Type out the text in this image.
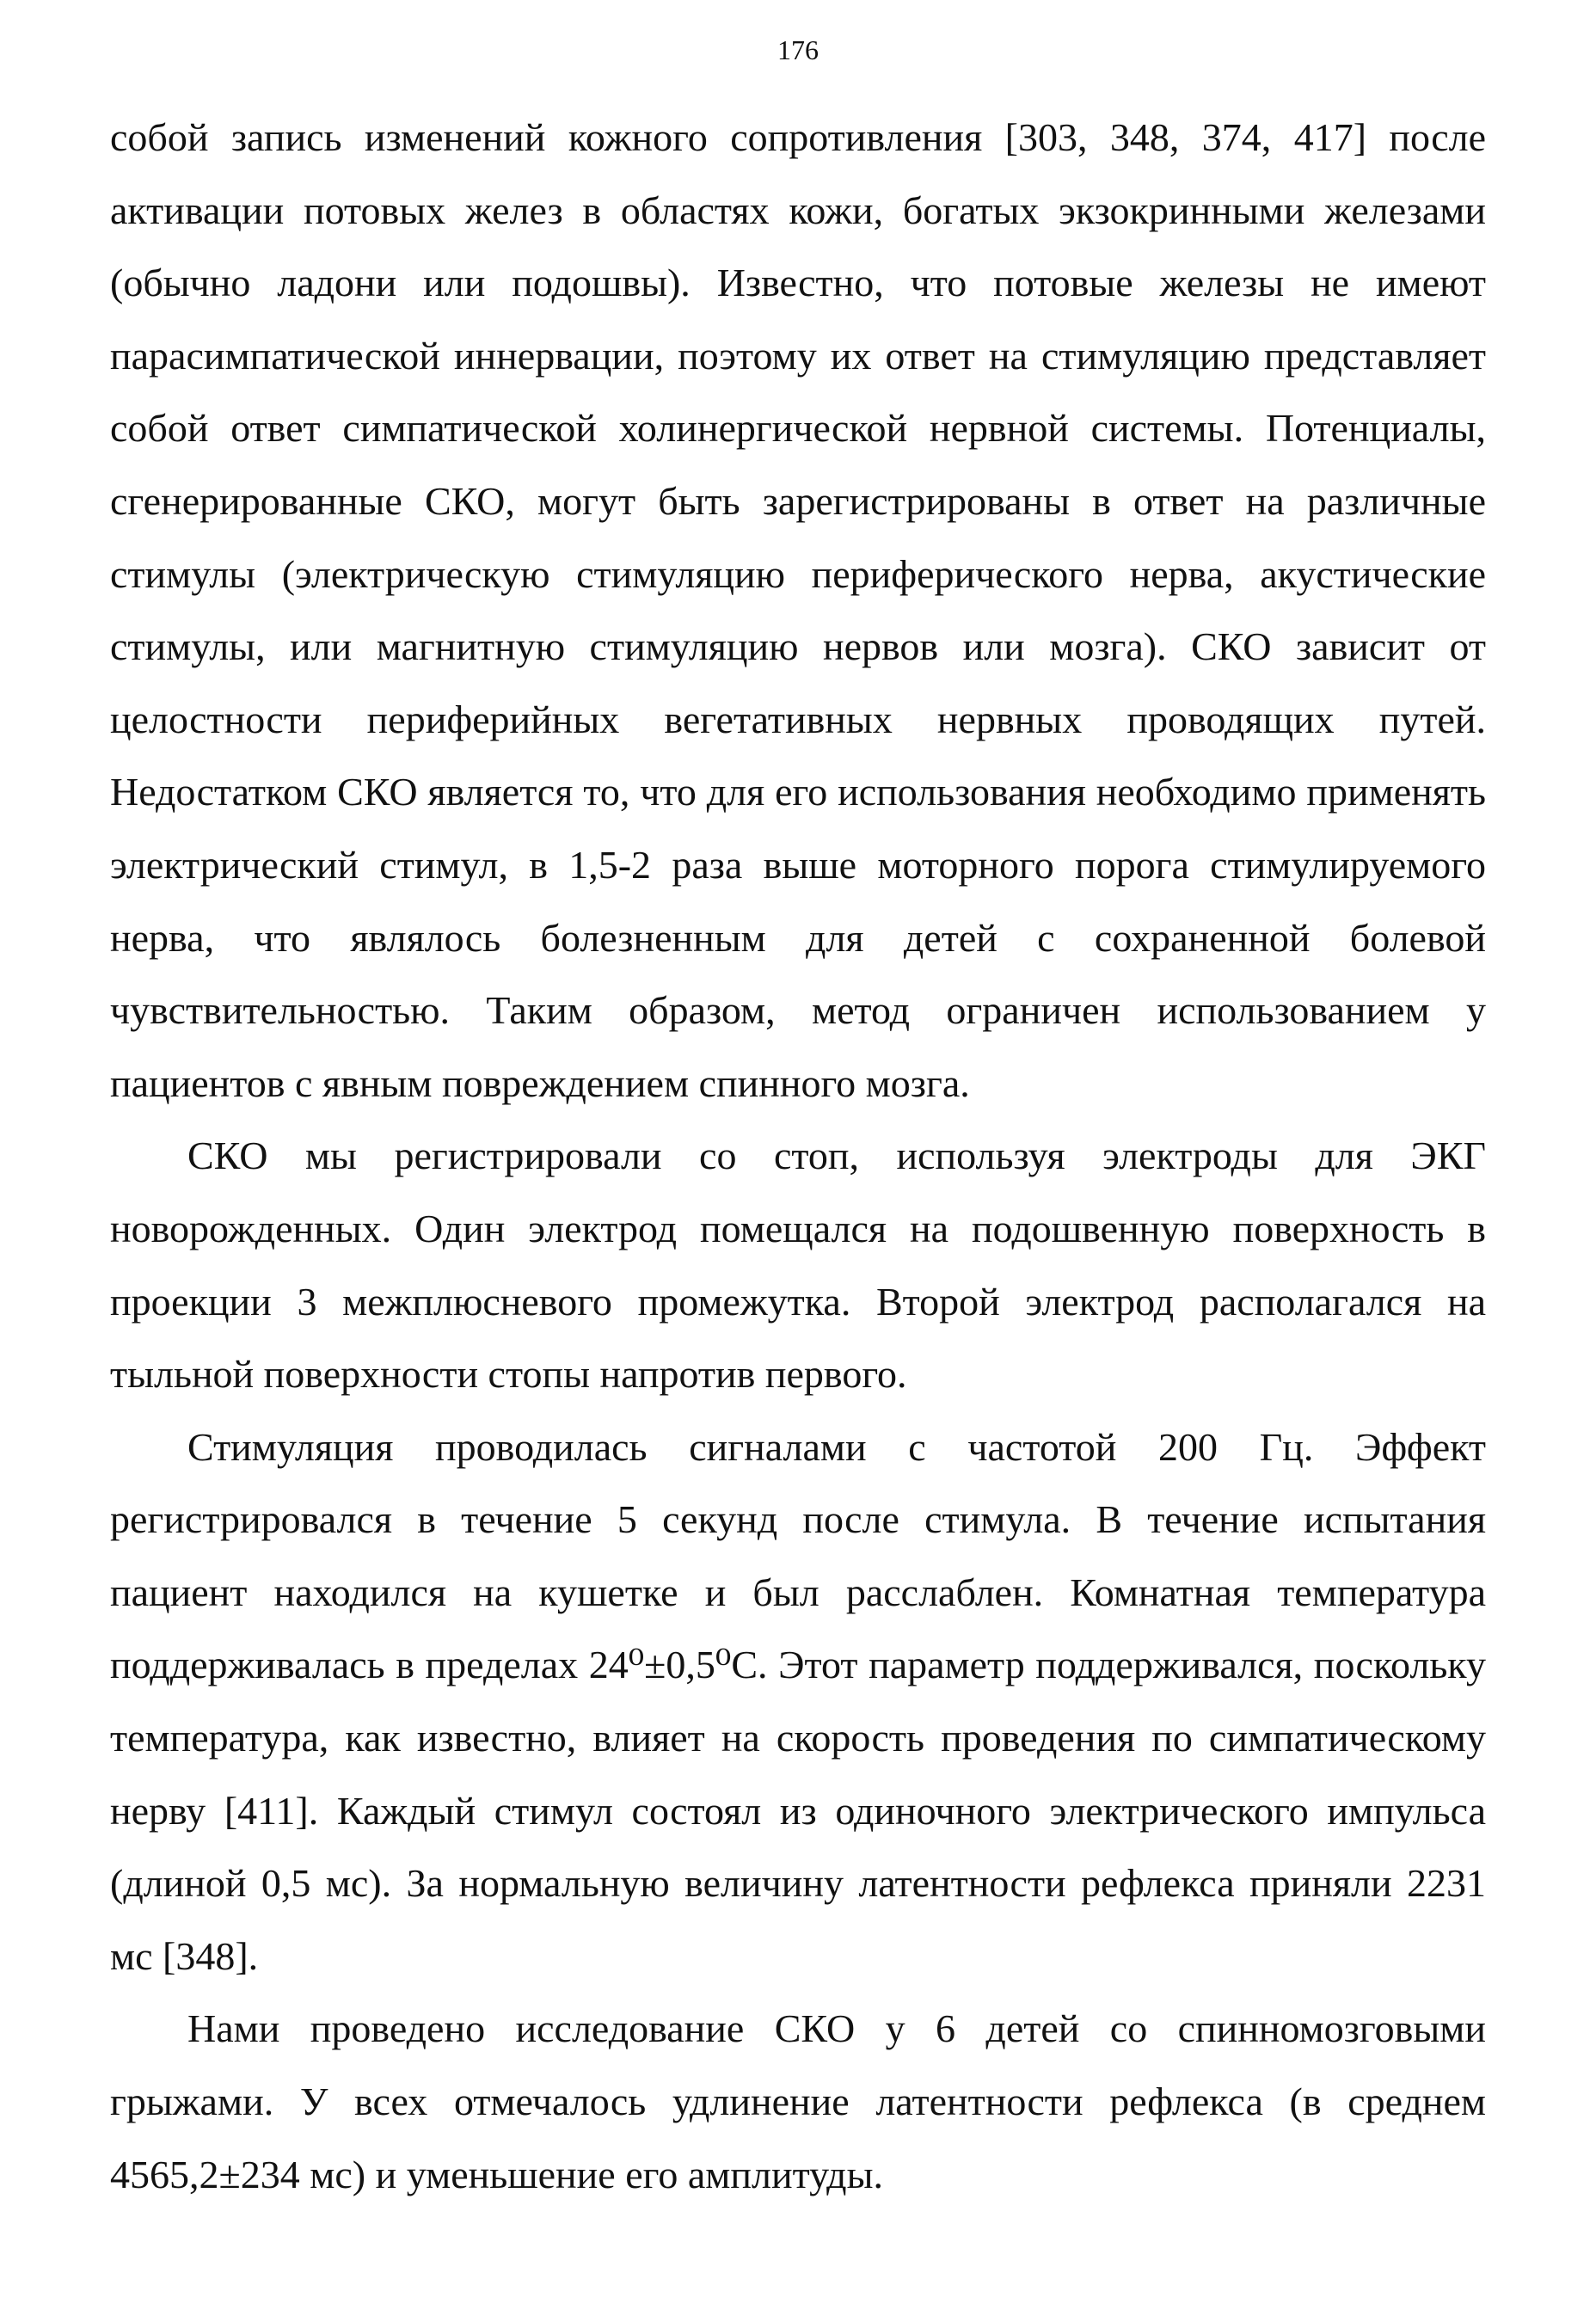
176

собой запись изменений кожного сопротивления [303, 348, 374, 417] после активации потовых желез в областях кожи, богатых экзокринными железами (обычно ладони или подошвы). Известно, что потовые железы не имеют парасимпатической иннервации, поэтому их ответ на стимуляцию представляет собой ответ симпатической холинергической нервной системы. Потенциалы, сгенерированные СКО, могут быть зарегистрированы в ответ на различные стимулы (электрическую стимуляцию периферического нерва, акустические стимулы, или магнитную стимуляцию нервов или мозга). СКО зависит от целостности периферийных вегетативных нервных проводящих путей. Недостатком СКО является то, что для его использования необходимо применять электрический стимул, в 1,5-2 раза выше моторного порога стимулируемого нерва, что являлось болезненным для детей с сохраненной болевой чувствительностью. Таким образом, метод ограничен использованием у пациентов с явным повреждением спинного мозга.

СКО мы регистрировали со стоп, используя электроды для ЭКГ новорожденных. Один электрод помещался на подошвенную поверхность в проекции 3 межплюсневого промежутка. Второй электрод располагался на тыльной поверхности стопы напротив первого.

Стимуляция проводилась сигналами с частотой 200 Гц. Эффект регистрировался в течение 5 секунд после стимула. В течение испытания пациент находился на кушетке и был расслаблен. Комнатная температура поддерживалась в пределах 24⁰±0,5⁰С. Этот параметр поддерживался, поскольку температура, как известно, влияет на скорость проведения по симпатическому нерву [411]. Каждый стимул состоял из одиночного электрического импульса (длиной 0,5 мс). За нормальную величину латентности рефлекса приняли 2231 мс [348].

Нами проведено исследование СКО у 6 детей со спинномозговыми грыжами. У всех отмечалось удлинение латентности рефлекса (в среднем 4565,2±234 мс) и уменьшение его амплитуды.
